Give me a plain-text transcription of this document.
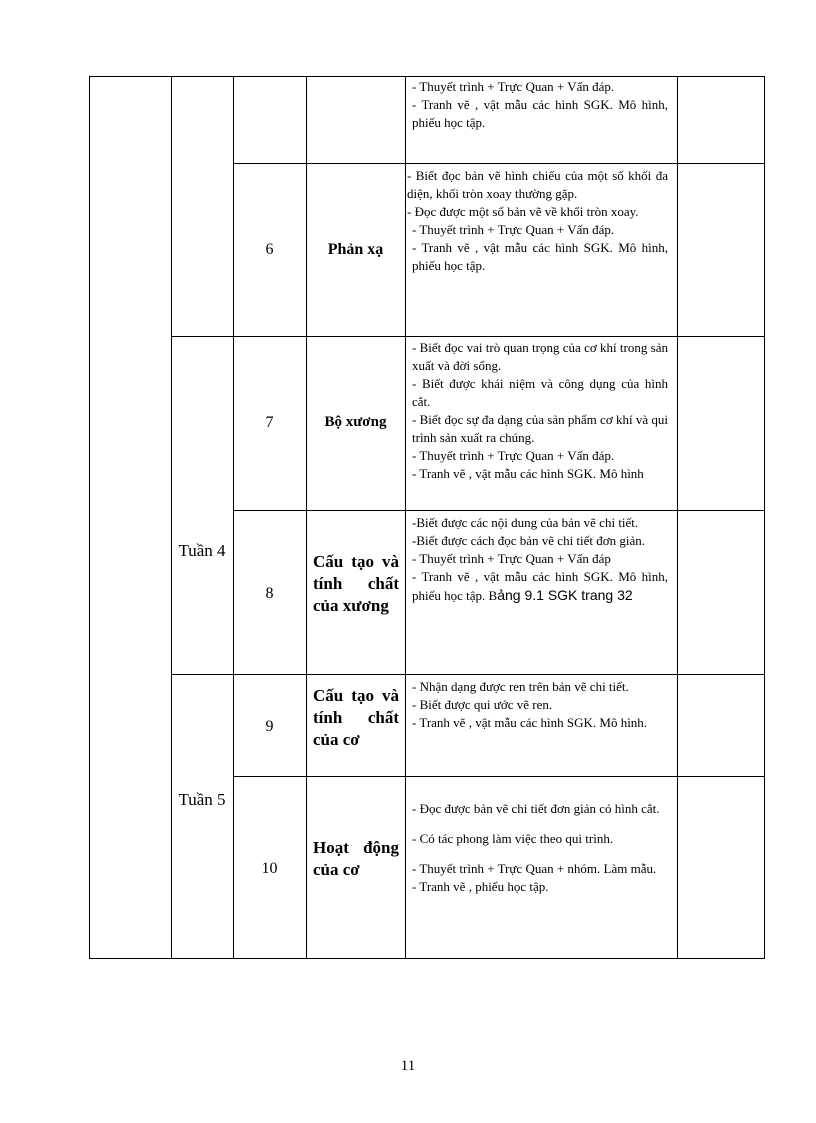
Tuần 4
Tuần 5

- Thuyết trình + Trực Quan + Vấn đáp.

- Tranh vẽ , vật mẫu các hình SGK. Mô hình, phiếu học tập.

6	Phản xạ

- Biết đọc bản vẽ hình chiếu của một số khối đa diện, khối tròn xoay thường gặp.

- Đọc được một số bản vẽ về khối tròn xoay.

- Thuyết trình + Trực Quan + Vấn đáp.

- Tranh vẽ , vật mẫu các hình SGK. Mô hình, phiếu học tập.

7	Bộ xương

- Biết đọc vai trò quan trọng của cơ khí trong sản xuất và đời sống.

- Biết được khái niệm và công dụng của hình cắt.

- Biết đọc sự đa dạng của sản phẩm cơ khí và qui trình sản xuất ra chúng.

- Thuyết trình + Trực Quan + Vấn đáp.

- Tranh vẽ , vật mẫu các hình SGK. Mô hình

8
Cấu tạo và tính chất của xương

-Biết được các nội dung của bản vẽ chi tiết.

-Biết được cách đọc bản vẽ chi tiết đơn giản.

- Thuyết trình + Trực Quan + Vấn đáp

- Tranh vẽ , vật mẫu các hình SGK. Mô hình, phiếu học tập. Bảng 9.1 SGK trang 32

9
Cấu tạo và tính chất của cơ

- Nhận dạng được ren trên bản vẽ chi tiết.

- Biết được qui ước vẽ ren.

- Tranh vẽ , vật mẫu các hình SGK. Mô hình.

10
Hoạt động của cơ

- Đọc được bản vẽ chi tiết đơn giản có hình cắt.

- Có tác phong làm việc theo qui trình.

- Thuyết trình + Trực Quan + nhóm. Làm mẫu.

- Tranh vẽ , phiếu học tập.

11
